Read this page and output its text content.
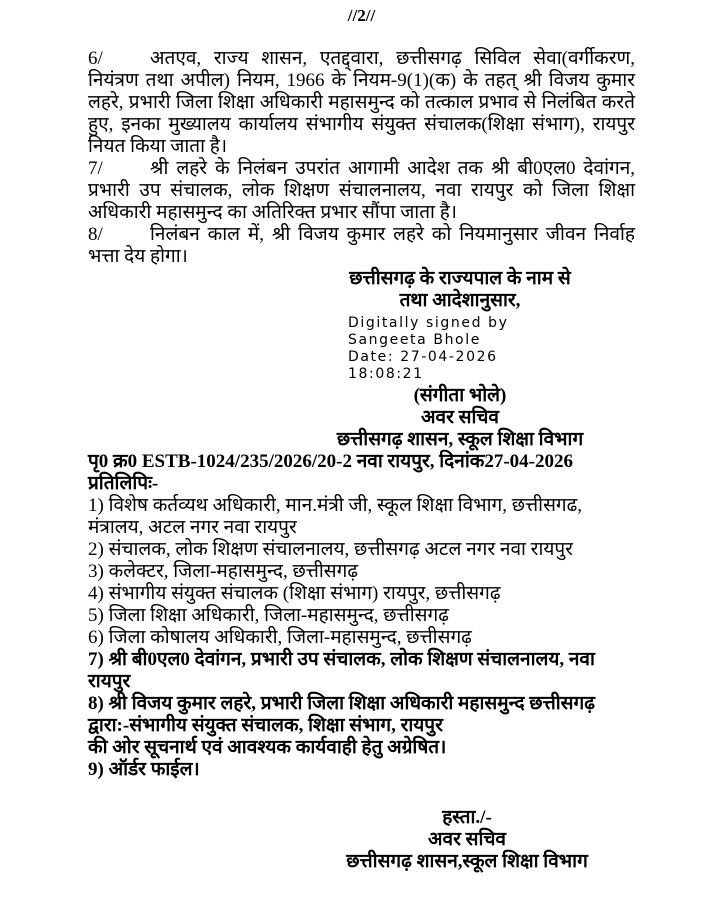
//2//

6/ अतएव, राज्य शासन, एतद्द्वारा, छत्तीसगढ़ सिविल सेवा(वर्गीकरण, नियंत्रण तथा अपील) नियम, 1966 के नियम-9(1)(क) के तहत् श्री विजय कुमार लहरे, प्रभारी जिला शिक्षा अधिकारी महासमुन्द को तत्काल प्रभाव से निलंबित करते हुए, इनका मुख्यालय कार्यालय संभागीय संयुक्त संचालक(शिक्षा संभाग), रायपुर नियत किया जाता है।

7/ श्री लहरे के निलंबन उपरांत आगामी आदेश तक श्री बी0एल0 देवांगन, प्रभारी उप संचालक, लोक शिक्षण संचालनालय, नवा रायपुर को जिला शिक्षा अधिकारी महासमुन्द का अतिरिक्त प्रभार सौंपा जाता है।

8/ निलंबन काल में, श्री विजय कुमार लहरे को नियमानुसार जीवन निर्वाह भत्ता देय होगा।

छत्तीसगढ़ के राज्यपाल के नाम से
तथा आदेशानुसार,
Digitally signed by
Sangeeta Bhole
Date: 27-04-2026
18:08:21
(संगीता भोले)
अवर सचिव
छत्तीसगढ़ शासन, स्कूल शिक्षा विभाग

पृ0 क्र0 ESTB-1024/235/2026/20-2 नवा रायपुर, दिनांक27-04-2026

प्रतिलिपिः-

1) विशेष कर्तव्यथ अधिकारी, मान.मंत्री जी, स्कूल शिक्षा विभाग, छत्तीसगढ, मंत्रालय, अटल नगर नवा रायपुर

2) संचालक, लोक शिक्षण संचालनालय, छत्तीसगढ़ अटल नगर नवा रायपुर

3) कलेक्टर, जिला-महासमुन्द, छत्तीसगढ़

4) संभागीय संयुक्त संचालक (शिक्षा संभाग) रायपुर, छत्तीसगढ़

5) जिला शिक्षा अधिकारी, जिला-महासमुन्द, छत्तीसगढ़

6) जिला कोषालय अधिकारी, जिला-महासमुन्द, छत्तीसगढ़

7) श्री बी0एल0 देवांगन, प्रभारी उप संचालक, लोक शिक्षण संचालनालय, नवा रायपुर

8) श्री विजय कुमार लहरे, प्रभारी जिला शिक्षा अधिकारी महासमुन्द छत्तीसगढ़

द्वारा:-संभागीय संयुक्त संचालक, शिक्षा संभाग, रायपुर

की ओर सूचनार्थ एवं आवश्यक कार्यवाही हेतु अग्रेषित।

9) ऑर्डर फाईल।

हस्ता./-
अवर सचिव
छत्तीसगढ़ शासन,स्कूल शिक्षा विभाग
